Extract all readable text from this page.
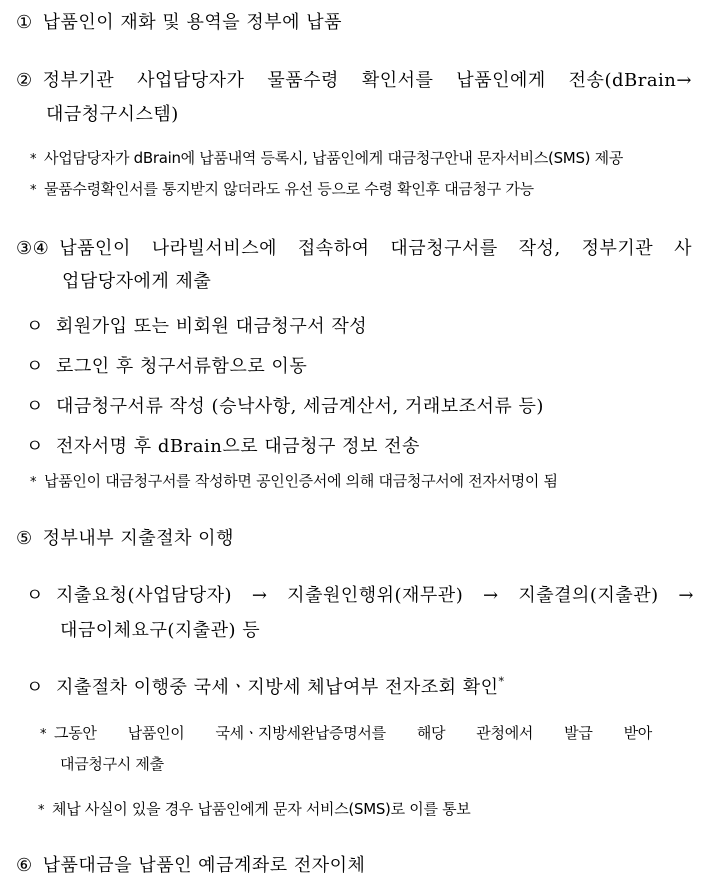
① 납품인이 재화 및 용역을 정부에 납품
② 정부기관 사업담당자가 물품수령 확인서를 납품인에게 전송(dBrain→
대금청구시스템)
* 사업담당자가 dBrain에 납품내역 등록시, 납품인에게 대금청구안내 문자서비스(SMS) 제공
* 물품수령확인서를 통지받지 않더라도 유선 등으로 수령 확인후 대금청구 가능
③④ 납품인이 나라빌서비스에 접속하여 대금청구서를 작성, 정부기관 사
업담당자에게 제출
ㅇ 회원가입 또는 비회원 대금청구서 작성
ㅇ 로그인 후 청구서류함으로 이동
ㅇ 대금청구서류 작성 (승낙사항, 세금계산서, 거래보조서류 등)
ㅇ 전자서명 후 dBrain으로 대금청구 정보 전송
* 납품인이 대금청구서를 작성하면 공인인증서에 의해 대금청구서에 전자서명이 됨
⑤ 정부내부 지출절차 이행
ㅇ 지출요청(사업담당자) → 지출원인행위(재무관) → 지출결의(지출관) →
대금이체요구(지출관) 등
ㅇ 지출절차 이행중 국세ㆍ지방세 체납여부 전자조회 확인*
* 그동안 납품인이 국세ㆍ지방세완납증명서를 해당 관청에서 발급 받아
대금청구시 제출
* 체납 사실이 있을 경우 납품인에게 문자 서비스(SMS)로 이를 통보
⑥ 납품대금을 납품인 예금계좌로 전자이체
